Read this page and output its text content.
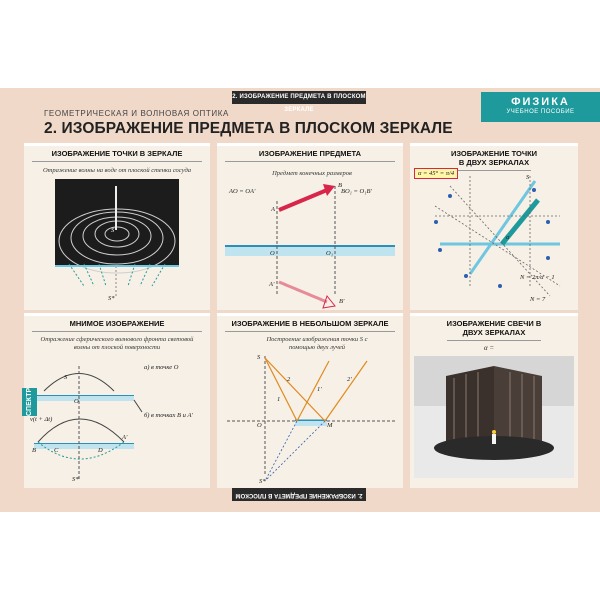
2. ИЗОБРАЖЕНИЕ ПРЕДМЕТА В ПЛОСКОМ ЗЕРКАЛЕ
2. ИЗОБРАЖЕНИЕ ПРЕДМЕТА В ПЛОСКОМ
ФИЗИКА
УЧЕБНОЕ ПОСОБИЕ
ГЕОМЕТРИЧЕСКАЯ И ВОЛНОВАЯ ОПТИКА
2. ИЗОБРАЖЕНИЕ ПРЕДМЕТА В ПЛОСКОМ ЗЕРКАЛЕ
ИЗОБРАЖЕНИЕ ТОЧКИ В ЗЕРКАЛЕ
Отражение волны на воде от плоской стенки сосуда
S
S*
ИЗОБРАЖЕНИЕ ПРЕДМЕТА
Предмет конечных размеров
AO = OA'	BO₁ = O₁B'
A
B
O	O₁
A'
B'
ИЗОБРАЖЕНИЕ ТОЧКИ В ДВУХ ЗЕРКАЛАХ
α = 45° = π/4
S
α
N = 2π/α − 1
N = 7
МНИМОЕ ИЗОБРАЖЕНИЕ
Отражение сферического волнового фронта световой волны от плоской поверхности
а) в точке O
б) в точках B и A'
S
O
v(t + Δt)
B	C	D
A'
S*
ИЗОБРАЖЕНИЕ В НЕБОЛЬШОМ ЗЕРКАЛЕ
Построение изображения точки S с помощью двух лучей
S
1
2
1'
2'
O	M
S*
ИЗОБРАЖЕНИЕ СВЕЧИ В ДВУХ ЗЕРКАЛАХ
α =
СПЕКТР
